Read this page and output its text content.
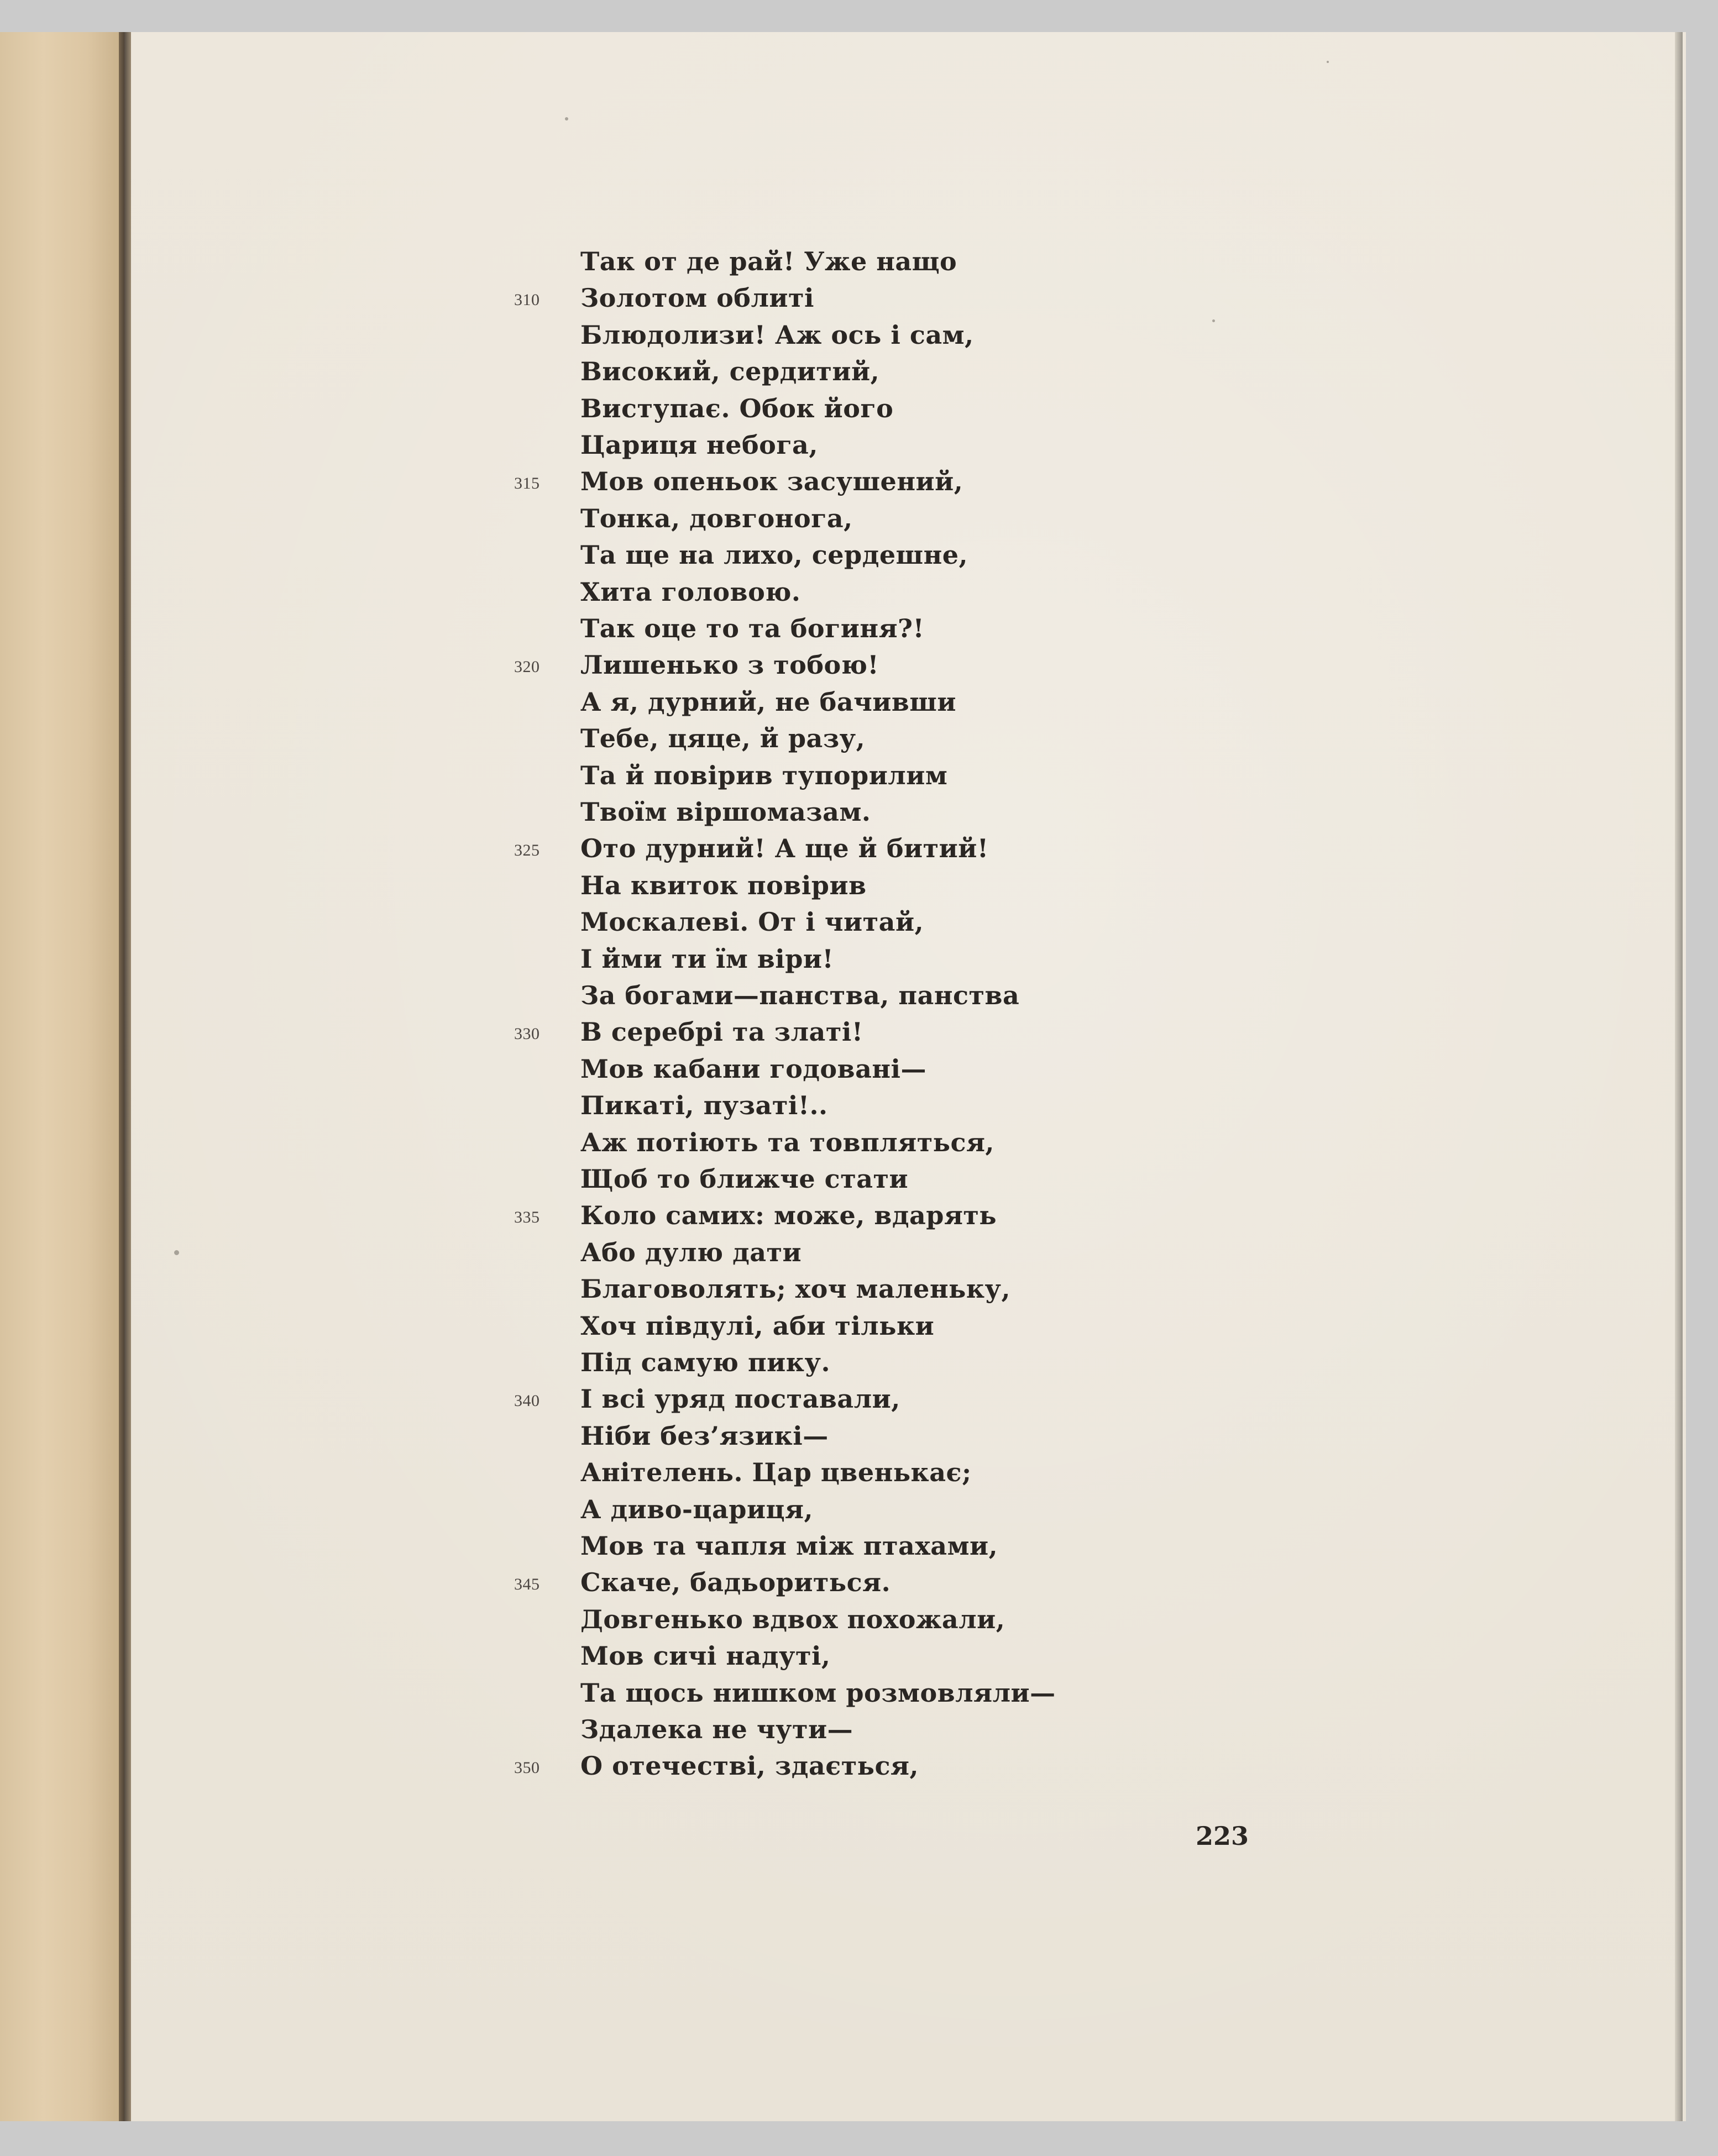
Так от де рай! Уже нащо
310	Золотом облиті
Блюдолизи! Аж ось і сам,
Високий, сердитий,
Виступає. Обок його
Цариця небога,
315	Мов опеньок засушений,
Тонка, довгонога,
Та ще на лихо, сердешне,
Хита головою.
Так оце то та богиня?!
320	Лишенько з тобою!
А я, дурний, не бачивши
Тебе, цяце, й разу,
Та й повірив тупорилим
Твоїм віршомазам.
325	Ото дурний! А ще й битий!
На квиток повірив
Москалеві. От і читай,
І йми ти їм віри!
За богами—панства, панства
330	В серебрі та златі!
Мов кабани годовані—
Пикаті, пузаті!..
Аж потіють та товпляться,
Щоб то ближче стати
335	Коло самих: може, вдарять
Або дулю дати
Благоволять; хоч маленьку,
Хоч півдулі, аби тільки
Під самую пику.
340	І всі уряд поставали,
Ніби без’язикі—
Анітелень. Цар цвенькає;
А диво-цариця,
Мов та чапля між птахами,
345	Скаче, бадьориться.
Довгенько вдвох похожали,
Мов сичі надуті,
Та щось нишком розмовляли—
Здалека не чути—
350	О отечестві, здається,
223
